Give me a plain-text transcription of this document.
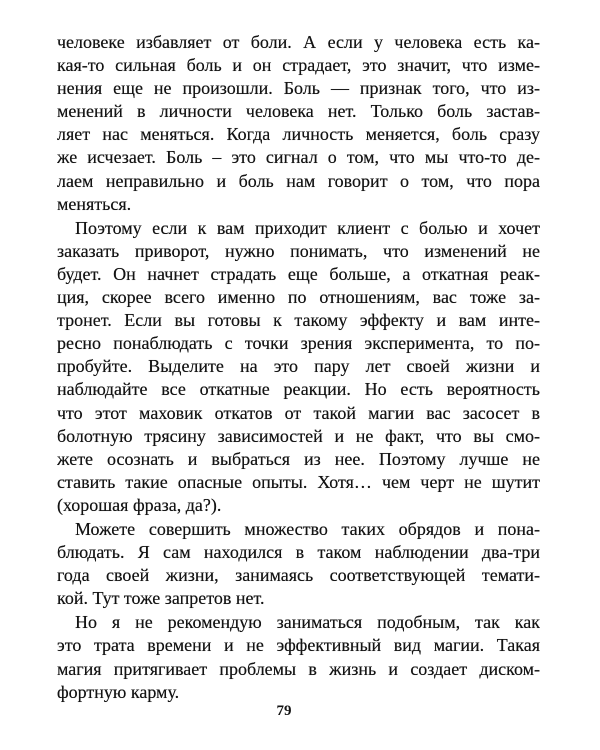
человеке избавляет от боли. А если у человека есть ка-
кая-то сильная боль и он страдает, это значит, что изме-
нения еще не произошли. Боль — признак того, что из-
менений в личности человека нет. Только боль застав-
ляет нас меняться. Когда личность меняется, боль сразу
же исчезает. Боль – это сигнал о том, что мы что-то де-
лаем неправильно и боль нам говорит о том, что пора
меняться.

Поэтому если к вам приходит клиент с болью и хочет
заказать приворот, нужно понимать, что изменений не
будет. Он начнет страдать еще больше, а откатная реак-
ция, скорее всего именно по отношениям, вас тоже за-
тронет. Если вы готовы к такому эффекту и вам инте-
ресно понаблюдать с точки зрения эксперимента, то по-
пробуйте. Выделите на это пару лет своей жизни и
наблюдайте все откатные реакции. Но есть вероятность
что этот маховик откатов от такой магии вас засосет в
болотную трясину зависимостей и не факт, что вы смо-
жете осознать и выбраться из нее. Поэтому лучше не
ставить такие опасные опыты. Хотя… чем черт не шутит
(хорошая фраза, да?).

Можете совершить множество таких обрядов и пона-
блюдать. Я сам находился в таком наблюдении два-три
года своей жизни, занимаясь соответствующей темати-
кой. Тут тоже запретов нет.

Но я не рекомендую заниматься подобным, так как
это трата времени и не эффективный вид магии. Такая
магия притягивает проблемы в жизнь и создает диском-
фортную карму.

79
